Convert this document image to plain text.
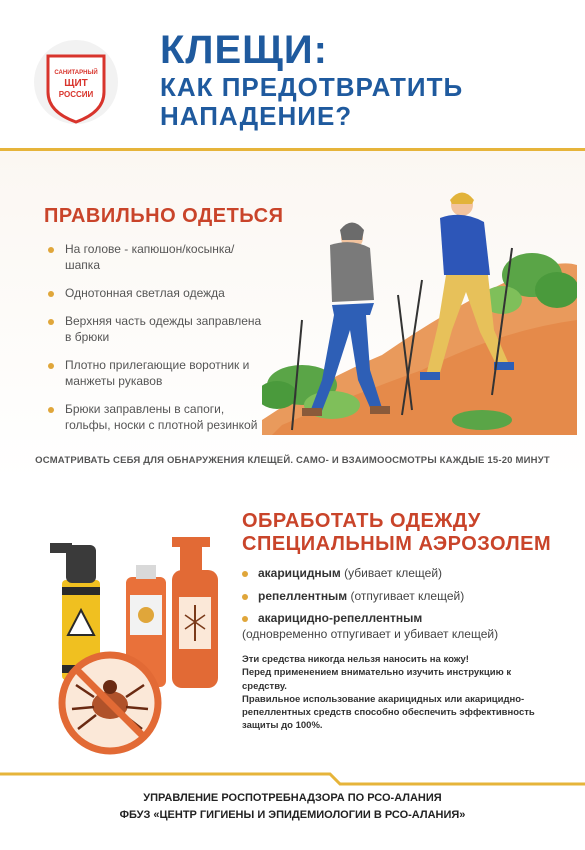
САНИТАРНЫЙ
ЩИТ
РОССИИ
КЛЕЩИ:
КАК ПРЕДОТВРАТИТЬ
НАПАДЕНИЕ?
ПРАВИЛЬНО ОДЕТЬСЯ
На голове - капюшон/косынка/шапка
Однотонная светлая одежда
Верхняя часть одежды заправлена в брюки
Плотно прилегающие воротник и манжеты рукавов
Брюки заправлены в сапоги, гольфы, носки с плотной резинкой
ОСМАТРИВАТЬ СЕБЯ ДЛЯ ОБНАРУЖЕНИЯ КЛЕЩЕЙ. САМО- И ВЗАИМООСМОТРЫ КАЖДЫЕ 15-20 МИНУТ
ОБРАБОТАТЬ ОДЕЖДУ
СПЕЦИАЛЬНЫМ АЭРОЗОЛЕМ
акарицидным (убивает клещей)
репеллентным (отпугивает клещей)
акарицидно-репеллентным
(одновременно отпугивает и убивает клещей)
Эти средства никогда нельзя наносить на кожу!
Перед применением внимательно изучить инструкцию к средству.
Правильное использование акарицидных или акарицидно-репеллентных средств способно обеспечить эффективность защиты до 100%.
УПРАВЛЕНИЕ РОСПОТРЕБНАДЗОРА ПО РСО-АЛАНИЯ
ФБУЗ «ЦЕНТР ГИГИЕНЫ И ЭПИДЕМИОЛОГИИ В РСО-АЛАНИЯ»
